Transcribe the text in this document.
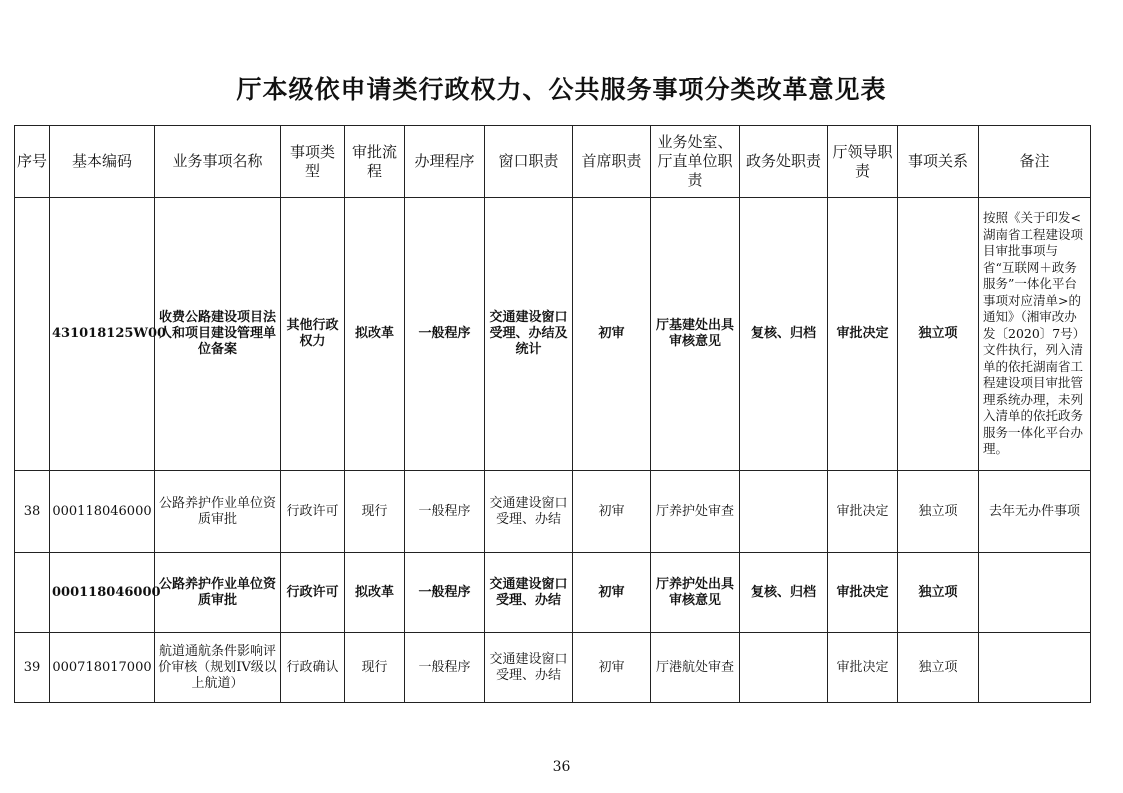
厅本级依申请类行政权力、公共服务事项分类改革意见表
序号	基本编码	业务事项名称	事项类型	审批流程	办理程序	窗口职责	首席职责	业务处室、厅直单位职责	政务处职责	厅领导职责	事项关系	备注
	431018125W00	收费公路建设项目法人和项目建设管理单位备案	其他行政权力	拟改革	一般程序	交通建设窗口受理、办结及统计	初审	厅基建处出具审核意见	复核、归档	审批决定	独立项	按照《关于印发<湖南省工程建设项目审批事项与省“互联网＋政务服务”一体化平台事项对应清单>的通知》（湘审改办发〔2020〕7号）文件执行，列入清单的依托湖南省工程建设项目审批管理系统办理，未列入清单的依托政务服务一体化平台办理。
38	000118046000	公路养护作业单位资质审批	行政许可	现行	一般程序	交通建设窗口受理、办结	初审	厅养护处审查		审批决定	独立项	去年无办件事项
	000118046000	公路养护作业单位资质审批	行政许可	拟改革	一般程序	交通建设窗口受理、办结	初审	厅养护处出具审核意见	复核、归档	审批决定	独立项	
39	000718017000	航道通航条件影响评价审核（规划IV级以上航道）	行政确认	现行	一般程序	交通建设窗口受理、办结	初审	厅港航处审查		审批决定	独立项	
36
